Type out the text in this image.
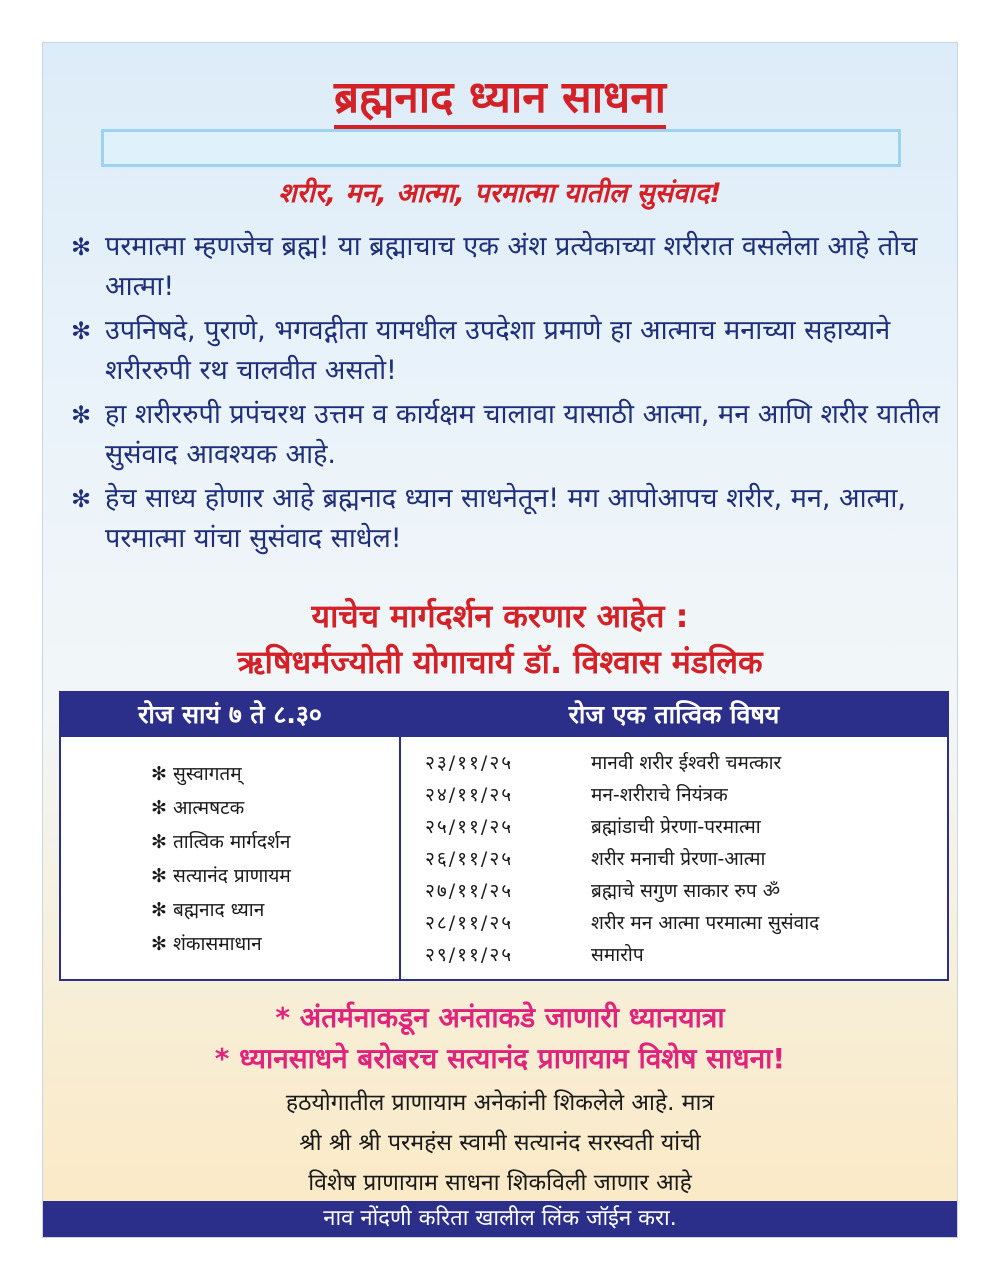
ब्रह्मनाद ध्यान साधना
शरीर, मन, आत्मा, परमात्मा यातील सुसंवाद!
✻ परमात्मा म्हणजेच ब्रह्म! या ब्रह्माचाच एक अंश प्रत्येकाच्या शरीरात वसलेला आहे तोच आत्मा!
✻ उपनिषदे, पुराणे, भगवद्गीता यामधील उपदेशा प्रमाणे हा आत्माच मनाच्या सहाय्याने शरीररुपी रथ चालवीत असतो!
✻ हा शरीररुपी प्रपंचरथ उत्तम व कार्यक्षम चालावा यासाठी आत्मा, मन आणि शरीर यातील सुसंवाद आवश्यक आहे.
✻ हेच साध्य होणार आहे ब्रह्मनाद ध्यान साधनेतून! मग आपोआपच शरीर, मन, आत्मा, परमात्मा यांचा सुसंवाद साधेल!
याचेच मार्गदर्शन करणार आहेत :
ऋषिधर्मज्योती योगाचार्य डॉ. विश्वास मंडलिक
रोज सायं ७ ते ८.३०	रोज एक तात्विक विषय
✻ सुस्वागतम्
✻ आत्मषटक
✻ तात्विक मार्गदर्शन
✻ सत्यानंद प्राणायम
✻ बह्मनाद ध्यान
✻ शंकासमाधान
२३/११/२५	मानवी शरीर ईश्वरी चमत्कार
२४/११/२५	मन-शरीराचे नियंत्रक
२५/११/२५	ब्रह्मांडाची प्रेरणा-परमात्मा
२६/११/२५	शरीर मनाची प्रेरणा-आत्मा
२७/११/२५	ब्रह्माचे सगुण साकार रुप ॐ
२८/११/२५	शरीर मन आत्मा परमात्मा सुसंवाद
२९/११/२५	समारोप
* अंतर्मनाकडून अनंताकडे जाणारी ध्यानयात्रा
* ध्यानसाधने बरोबरच सत्यानंद प्राणायाम विशेष साधना!
हठयोगातील प्राणायाम अनेकांनी शिकलेले आहे. मात्र
श्री श्री श्री परमहंस स्वामी सत्यानंद सरस्वती यांची
विशेष प्राणायाम साधना शिकविली जाणार आहे
नाव नोंदणी करिता खालील लिंक जॉईन करा.
